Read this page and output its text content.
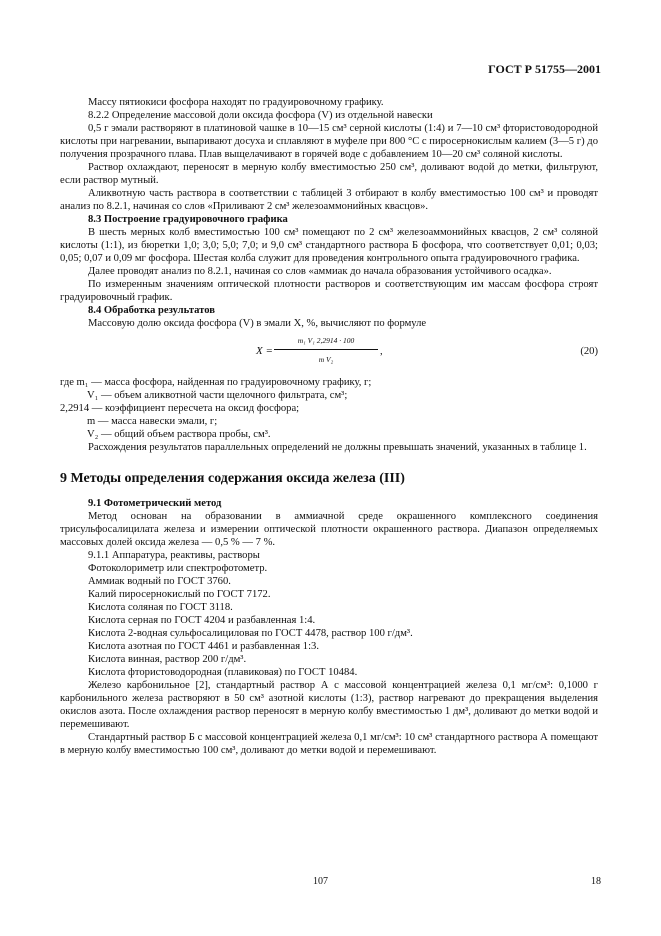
ГОСТ Р 51755—2001

Массу пятиокиси фосфора находят по градуировочному графику.

8.2.2 Определение массовой доли оксида фосфора (V) из отдельной навески

0,5 г эмали растворяют в платиновой чашке в 10—15 см³ серной кислоты (1:4) и 7—10 см³ фтористоводородной кислоты при нагревании, выпаривают досуха и сплавляют в муфеле при 800 °С с пиросернокислым калием (3—5 г) до получения прозрачного плава. Плав выщелачивают в горячей воде с добавлением 10—20 см³ соляной кислоты.

Раствор охлаждают, переносят в мерную колбу вместимостью 250 см³, доливают водой до метки, фильтруют, если раствор мутный.

Аликвотную часть раствора в соответствии с таблицей 3 отбирают в колбу вместимостью 100 см³ и проводят анализ по 8.2.1, начиная со слов «Приливают 2 см³ железоаммонийных квасцов».

8.3 Построение градуировочного графика

В шесть мерных колб вместимостью 100 см³ помещают по 2 см³ железоаммонийных квасцов, 2 см³ соляной кислоты (1:1), из бюретки 1,0; 3,0; 5,0; 7,0; и 9,0 см³ стандартного раствора Б фосфора, что соответствует 0,01; 0,03; 0,05; 0,07 и 0,09 мг фосфора. Шестая колба служит для проведения контрольного опыта градуировочного графика.

Далее проводят анализ по 8.2.1, начиная со слов «аммиак до начала образования устойчивого осадка».

По измеренным значениям оптической плотности растворов и соответствующим им массам фосфора строят градуировочный график.

8.4 Обработка результатов

Массовую долю оксида фосфора (V) в эмали X, %, вычисляют по формуле

$X = \frac{\text{m₁ V₁ 2,2914 · 100}}{\text{m V₂}}$ ,	(20)

где m₁ — масса фосфора, найденная по градуировочному графику, г;

V₁ — объем аликвотной части щелочного фильтрата, см³;

2,2914 — коэффициент пересчета на оксид фосфора;

m — масса навески эмали, г;

V₂ — общий объем раствора пробы, см³.

Расхождения результатов параллельных определений не должны превышать значений, указанных в таблице 1.

9 Методы определения содержания оксида железа (III)

9.1 Фотометрический метод

Метод основан на образовании в аммиачной среде окрашенного комплексного соединения трисульфосалицилата железа и измерении оптической плотности окрашенного раствора. Диапазон определяемых массовых долей оксида железа — 0,5 % — 7 %.

9.1.1 Аппаратура, реактивы, растворы

Фотоколориметр или спектрофотометр.

Аммиак водный по ГОСТ 3760.

Калий пиросернокислый по ГОСТ 7172.

Кислота соляная по ГОСТ 3118.

Кислота серная по ГОСТ 4204 и разбавленная 1:4.

Кислота 2-водная сульфосалициловая по ГОСТ 4478, раствор 100 г/дм³.

Кислота азотная по ГОСТ 4461 и разбавленная 1:3.

Кислота винная, раствор 200 г/дм³.

Кислота фтористоводородная (плавиковая) по ГОСТ 10484.

Железо карбонильное [2], стандартный раствор А с массовой концентрацией железа 0,1 мг/см³: 0,1000 г карбонильного железа растворяют в 50 см³ азотной кислоты (1:3), раствор нагревают до прекращения выделения окислов азота. После охлаждения раствор переносят в мерную колбу вместимостью 1 дм³, доливают до метки водой и перемешивают.

Стандартный раствор Б с массовой концентрацией железа 0,1 мг/см³: 10 см³ стандартного раствора А помещают в мерную колбу вместимостью 100 см³, доливают до метки водой и перемешивают.

107	18
